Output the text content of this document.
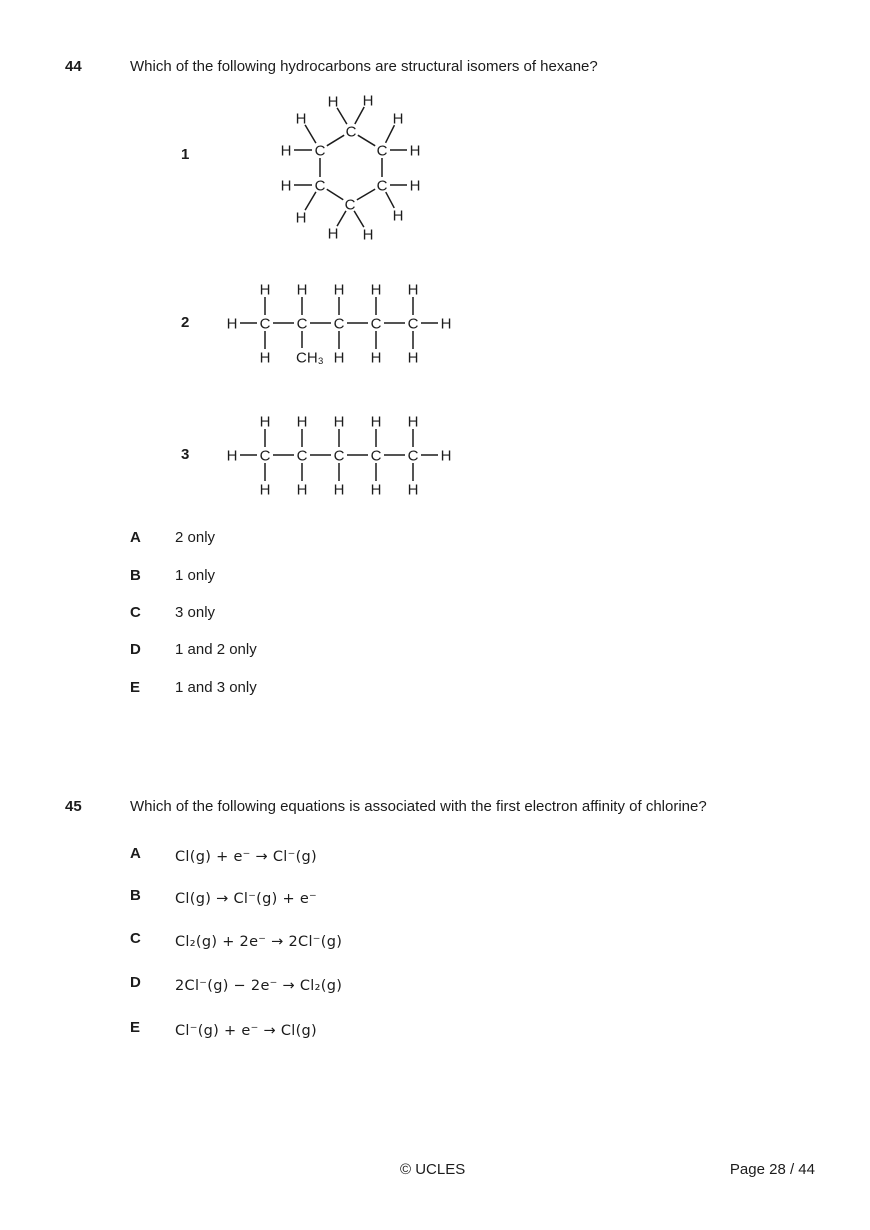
44	Which of the following hydrocarbons are structural isomers of hexane?
1
C
C
C
C
C
C
H H
H
H
H
H
H
H
H
H
H
H
2 H C C C C C H
H H H H H
H CH₃ H H H
3 H C C C C C H
H H H H H
H H H H H
A	2 only
B	1 only
C	3 only
D	1 and 2 only
E	1 and 3 only
45	Which of the following equations is associated with the first electron affinity of chlorine?
A	Cl(g) + e⁻ → Cl⁻(g)
B	Cl(g) → Cl⁻(g) + e⁻
C	Cl₂(g) + 2e⁻ → 2Cl⁻(g)
D	2Cl⁻(g) − 2e⁻ → Cl₂(g)
E	Cl⁻(g) + e⁻ → Cl(g)
© UCLES	Page 28 / 44
